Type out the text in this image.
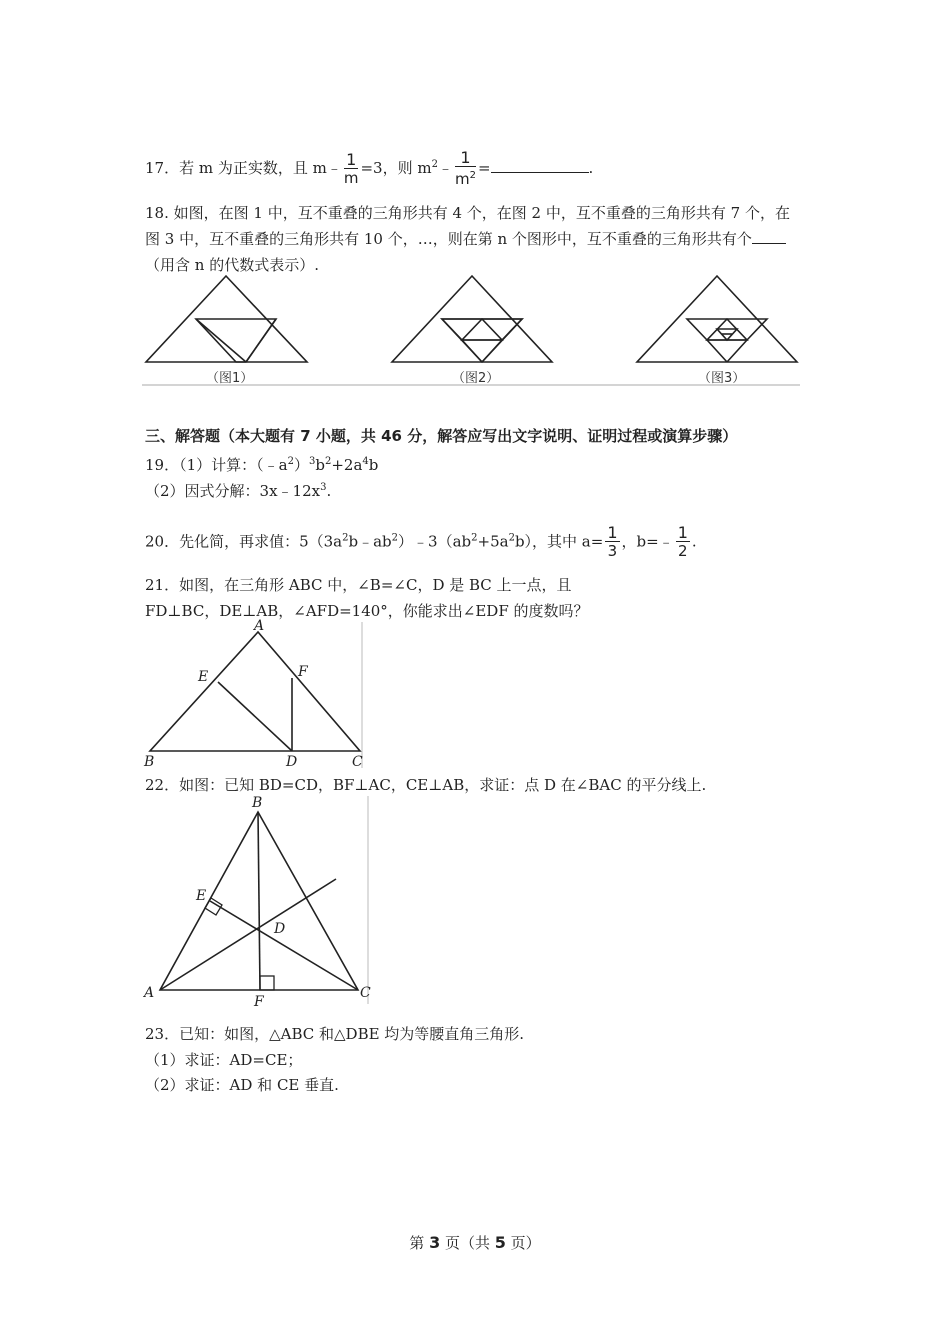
17．若 m 为正实数，且 m﹣ $\frac{1}{m} =3$，则 $m^2﹣ \frac{1}{m^2}$ =	.
18. 如图，在图 1 中，互不重叠的三角形共有 4 个，在图 2 中，互不重叠的三角形共有 7 个，在
图 3 中，互不重叠的三角形共有 10 个，…，则在第 n 个图形中，互不重叠的三角形共有个
（用含 n 的代数式表示）.
（图1）	（图2）	（图3）
三、解答题（本大题有 7 小题，共 46 分，解答应写出文字说明、证明过程或演算步骤）
19．（1）计算：$(﹣a^2)^3b^2+2a^4b$
（2）因式分解：$3x﹣12x^3$.
20．先化简，再求值：$5(3a^2b﹣ab^2)﹣3(ab^2+5a^2b)$，其中 $a= \frac{1}{3}$ ，b=﹣ $\frac{1}{2}$ .
21．如图，在三角形 ABC 中，∠B=∠C，D 是 BC 上一点，且
FD⊥BC，DE⊥AB，∠AFD=140°，你能求出∠EDF 的度数吗？
A
B	C
D
E	F
22．如图：已知 BD=CD，BF⊥AC，CE⊥AB，求证：点 D 在∠BAC 的平分线上.
B
A	C
D
E
F
23．已知：如图，△ABC 和△DBE 均为等腰直角三角形.
（1）求证：AD=CE；
（2）求证：AD 和 CE 垂直.
第 3 页（共 5 页）
